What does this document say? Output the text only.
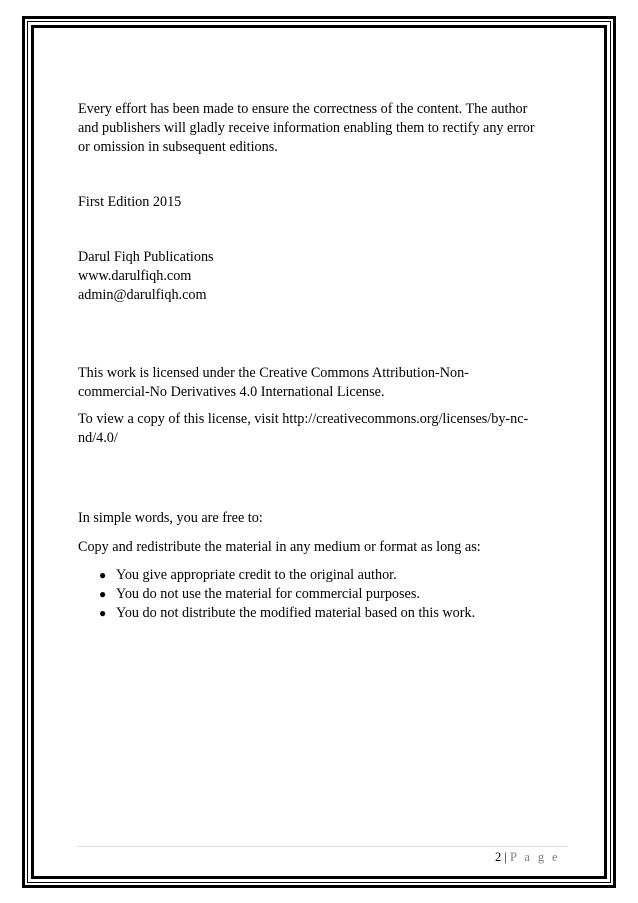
Every effort has been made to ensure the correctness of the content. The author
and publishers will gladly receive information enabling them to rectify any error
or omission in subsequent editions.

First Edition 2015

Darul Fiqh Publications
www.darulfiqh.com
admin@darulfiqh.com

This work is licensed under the Creative Commons Attribution-Non-
commercial-No Derivatives 4.0 International License.

To view a copy of this license, visit http://creativecommons.org/licenses/by-nc-
nd/4.0/

In simple words, you are free to:

Copy and redistribute the material in any medium or format as long as:

● You give appropriate credit to the original author.
● You do not use the material for commercial purposes.
● You do not distribute the modified material based on this work.
2 | P a g e
